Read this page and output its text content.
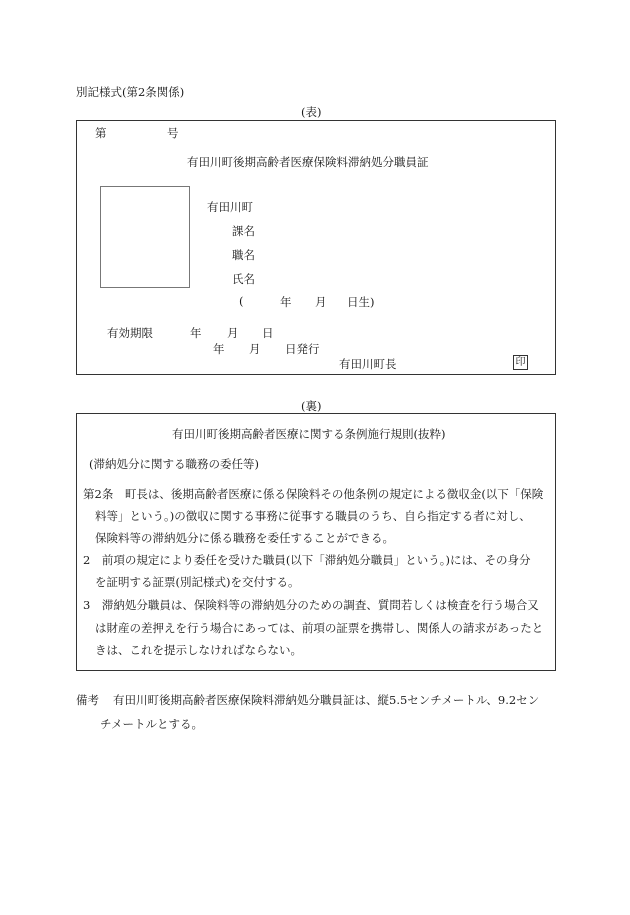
別記様式(第2条関係)
(表)
第	号
有田川町後期高齢者医療保険料滞納処分職員証
有田川町
課名
職名
氏名
(	年 月 日生)
有効期限	年 月 日
年 月 日発行
有田川町長	印
(裏)
有田川町後期高齢者医療に関する条例施行規則(抜粋)
(滞納処分に関する職務の委任等)
第2条　町長は、後期高齢者医療に係る保険料その他条例の規定による徴収金(以下「保険
料等」という。)の徴収に関する事務に従事する職員のうち、自ら指定する者に対し、
保険料等の滞納処分に係る職務を委任することができる。
2　前項の規定により委任を受けた職員(以下「滞納処分職員」という。)には、その身分
を証明する証票(別記様式)を交付する。
3　滞納処分職員は、保険料等の滞納処分のための調査、質問若しくは検査を行う場合又
は財産の差押えを行う場合にあっては、前項の証票を携帯し、関係人の請求があったと
きは、これを提示しなければならない。
備考 有田川町後期高齢者医療保険料滞納処分職員証は、縦5.5センチメートル、9.2セン
チメートルとする。
